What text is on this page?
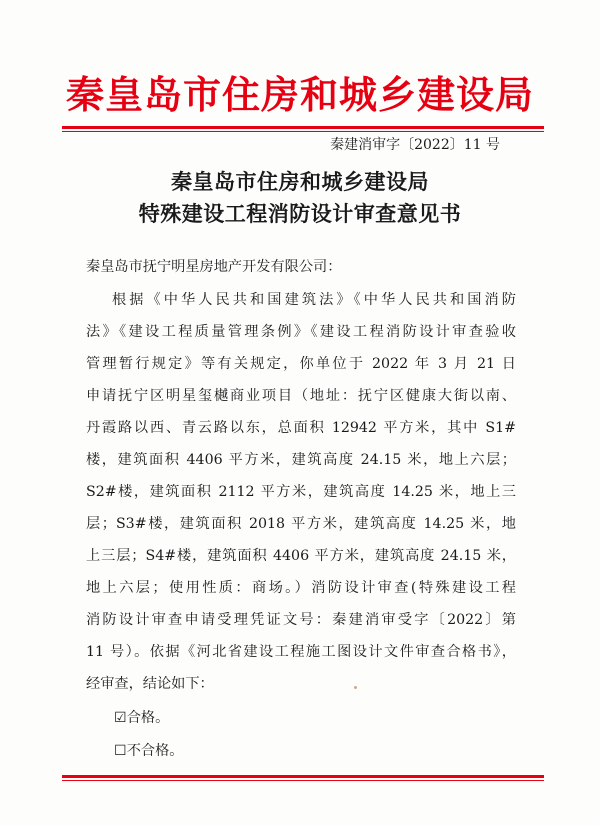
秦皇岛市住房和城乡建设局
秦建消审字〔2022〕11 号
秦皇岛市住房和城乡建设局
特殊建设工程消防设计审查意见书
秦皇岛市抚宁明星房地产开发有限公司：
根据《中华人民共和国建筑法》《中华人民共和国消防
法》《建设工程质量管理条例》《建设工程消防设计审查验收
管理暂行规定》等有关规定，你单位于 2022 年 3 月 21 日
申请抚宁区明星玺樾商业项目（地址：抚宁区健康大街以南、
丹霞路以西、青云路以东，总面积 12942 平方米，其中 S1#
楼，建筑面积 4406 平方米，建筑高度 24.15 米，地上六层；
S2#楼，建筑面积 2112 平方米，建筑高度 14.25 米，地上三
层；S3#楼，建筑面积 2018 平方米，建筑高度 14.25 米，地
上三层；S4#楼，建筑面积 4406 平方米，建筑高度 24.15 米，
地上六层；使用性质：商场。）消防设计审查(特殊建设工程
消防设计审查申请受理凭证文号：秦建消审受字〔2022〕第
11 号）。依据《河北省建设工程施工图设计文件审查合格书》，
经审查，结论如下：
☑合格。
☐不合格。
